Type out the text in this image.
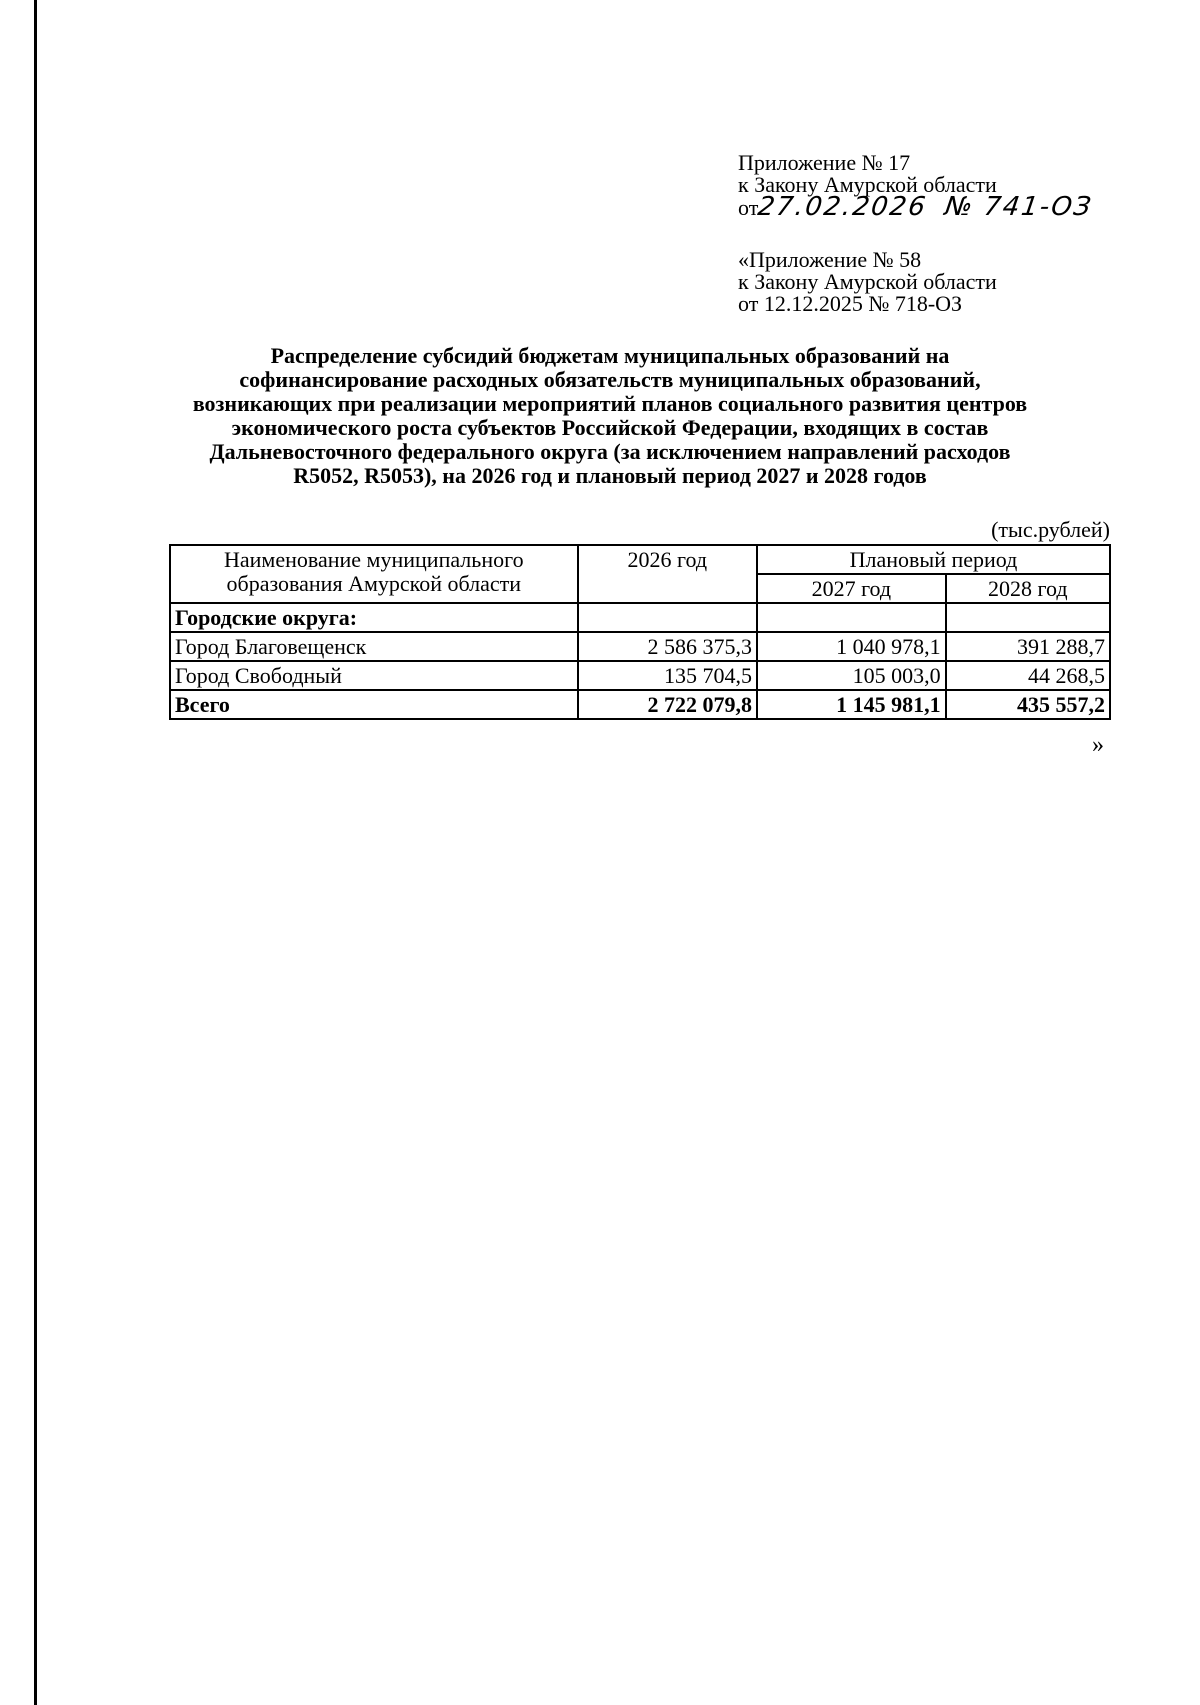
Приложение № 17
к Закону Амурской области
от27.02.2026 № 741-ОЗ
«Приложение № 58
к Закону Амурской области
от 12.12.2025 № 718-ОЗ
Распределение субсидий бюджетам муниципальных образований на
софинансирование расходных обязательств муниципальных образований,
возникающих при реализации мероприятий планов социального развития центров
экономического роста субъектов Российской Федерации, входящих в состав
Дальневосточного федерального округа (за исключением направлений расходов
R5052, R5053), на 2026 год и плановый период 2027 и 2028 годов
(тыс.рублей)
Наименование муниципального
образования Амурской области	2026 год	Плановый период	
		2027 год	2028 год
Городские округа:			
Город Благовещенск	2 586 375,3	1 040 978,1	391 288,7
Город Свободный	135 704,5	105 003,0	44 268,5
Всего	2 722 079,8	1 145 981,1	435 557,2
»
